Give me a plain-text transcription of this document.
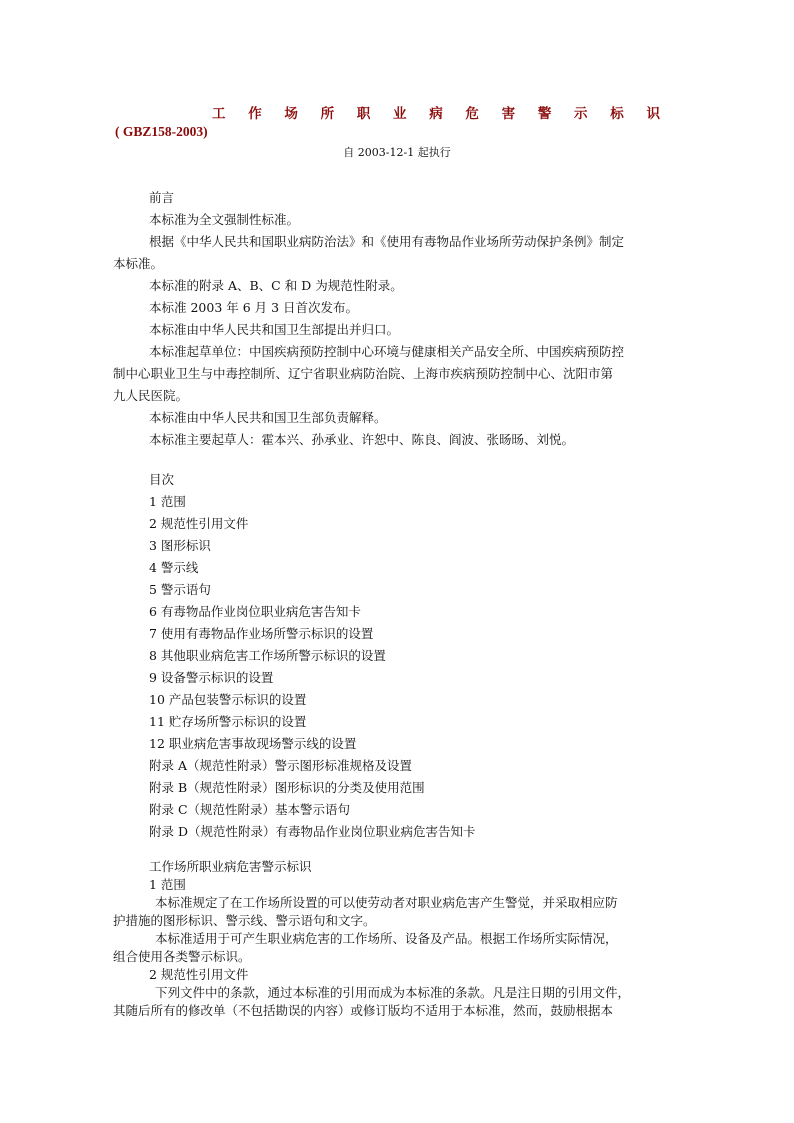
工 作 场 所 职 业 病 危 害 警 示 标 识
( GBZ158-2003)
自 2003-12-1 起执行
前言
本标准为全文强制性标准。
根据《中华人民共和国职业病防治法》和《使用有毒物品作业场所劳动保护条例》制定
本标准。
本标准的附录 A、B、C 和 D 为规范性附录。
本标准 2003 年 6 月 3 日首次发布。
本标准由中华人民共和国卫生部提出并归口。
本标准起草单位：中国疾病预防控制中心环境与健康相关产品安全所、中国疾病预防控
制中心职业卫生与中毒控制所、辽宁省职业病防治院、上海市疾病预防控制中心、沈阳市第
九人民医院。
本标准由中华人民共和国卫生部负责解释。
本标准主要起草人：霍本兴、孙承业、许恕中、陈良、阎波、张旸旸、刘悦。
目次
1 范围
2 规范性引用文件
3 图形标识
4 警示线
5 警示语句
6 有毒物品作业岗位职业病危害告知卡
7 使用有毒物品作业场所警示标识的设置
8 其他职业病危害工作场所警示标识的设置
9 设备警示标识的设置
10 产品包装警示标识的设置
11 贮存场所警示标识的设置
12 职业病危害事故现场警示线的设置
附录 A（规范性附录）警示图形标准规格及设置
附录 B（规范性附录）图形标识的分类及使用范围
附录 C（规范性附录）基本警示语句
附录 D（规范性附录）有毒物品作业岗位职业病危害告知卡
工作场所职业病危害警示标识
1 范围
本标准规定了在工作场所设置的可以使劳动者对职业病危害产生警觉，并采取相应防
护措施的图形标识、警示线、警示语句和文字。
本标准适用于可产生职业病危害的工作场所、设备及产品。根据工作场所实际情况，
组合使用各类警示标识。
2 规范性引用文件
下列文件中的条款，通过本标准的引用而成为本标准的条款。凡是注日期的引用文件，
其随后所有的修改单（不包括勘误的内容）或修订版均不适用于本标准，然而，鼓励根据本
